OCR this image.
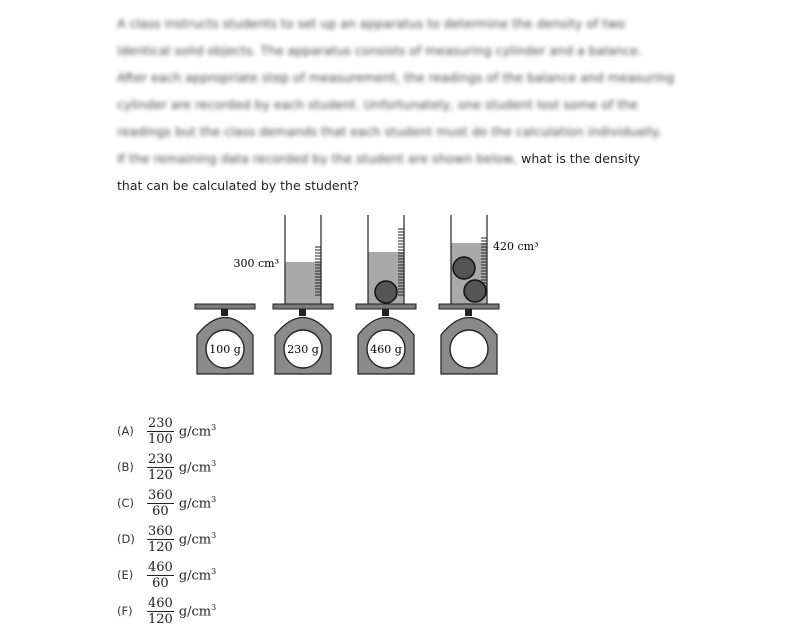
A class instructs students to set up an apparatus to determine the density of two
identical solid objects. The apparatus consists of measuring cylinder and a balance.
After each appropriate step of measurement, the readings of the balance and measuring
cylinder are recorded by each student. Unfortunately, one student lost some of the
readings but the class demands that each student must do the calculation individually.
If the remaining data recorded by the student are shown below, what is the density
that can be calculated by the student?
100 g
300 cm³
230 g	460 g
420 cm³
(A)	$\frac{230}{100} g/cm^3$
(B)	$\frac{230}{120} g/cm^3$
$(C) \frac{360}{60} g/cm^3$
$(D) \frac{360}{120} g/cm^3$
(E)	$\frac{460}{60} g/cm^3$
(F)	$\frac{460}{120} g/cm^3$
